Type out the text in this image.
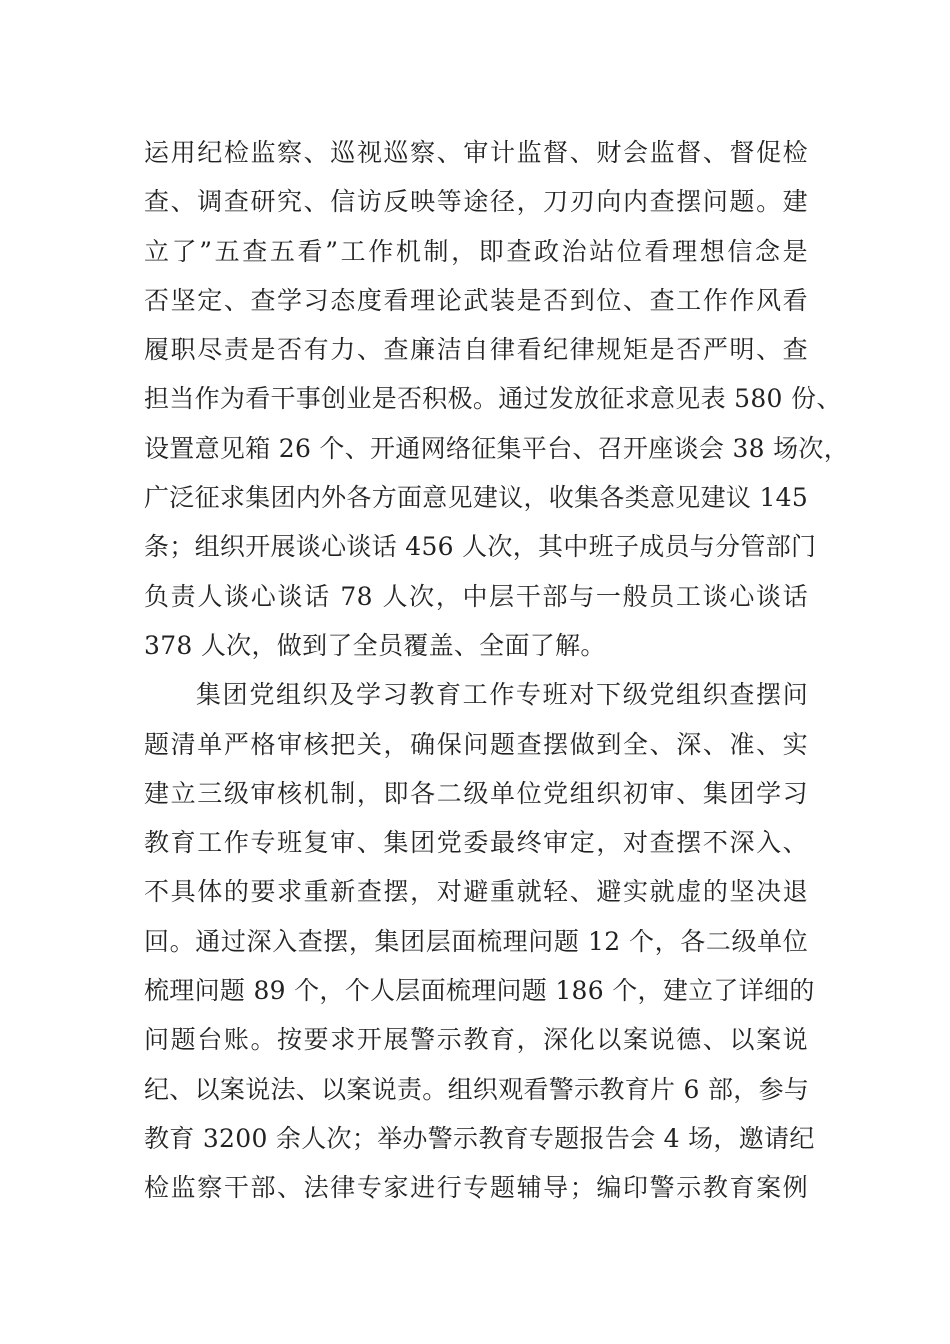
运用纪检监察、巡视巡察、审计监督、财会监督、督促检
查、调查研究、信访反映等途径，刀刃向内查摆问题。建
立了”五查五看”工作机制，即查政治站位看理想信念是
否坚定、查学习态度看理论武装是否到位、查工作作风看
履职尽责是否有力、查廉洁自律看纪律规矩是否严明、查
担当作为看干事创业是否积极。通过发放征求意见表 580 份、
设置意见箱 26 个、开通网络征集平台、召开座谈会 38 场次，
广泛征求集团内外各方面意见建议，收集各类意见建议 145
条；组织开展谈心谈话 456 人次，其中班子成员与分管部门
负责人谈心谈话 78 人次，中层干部与一般员工谈心谈话
378 人次，做到了全员覆盖、全面了解。
集团党组织及学习教育工作专班对下级党组织查摆问
题清单严格审核把关，确保问题查摆做到全、深、准、实
建立三级审核机制，即各二级单位党组织初审、集团学习
教育工作专班复审、集团党委最终审定，对查摆不深入、
不具体的要求重新查摆，对避重就轻、避实就虚的坚决退
回。通过深入查摆，集团层面梳理问题 12 个，各二级单位
梳理问题 89 个，个人层面梳理问题 186 个，建立了详细的
问题台账。按要求开展警示教育，深化以案说德、以案说
纪、以案说法、以案说责。组织观看警示教育片 6 部，参与
教育 3200 余人次；举办警示教育专题报告会 4 场，邀请纪
检监察干部、法律专家进行专题辅导；编印警示教育案例
